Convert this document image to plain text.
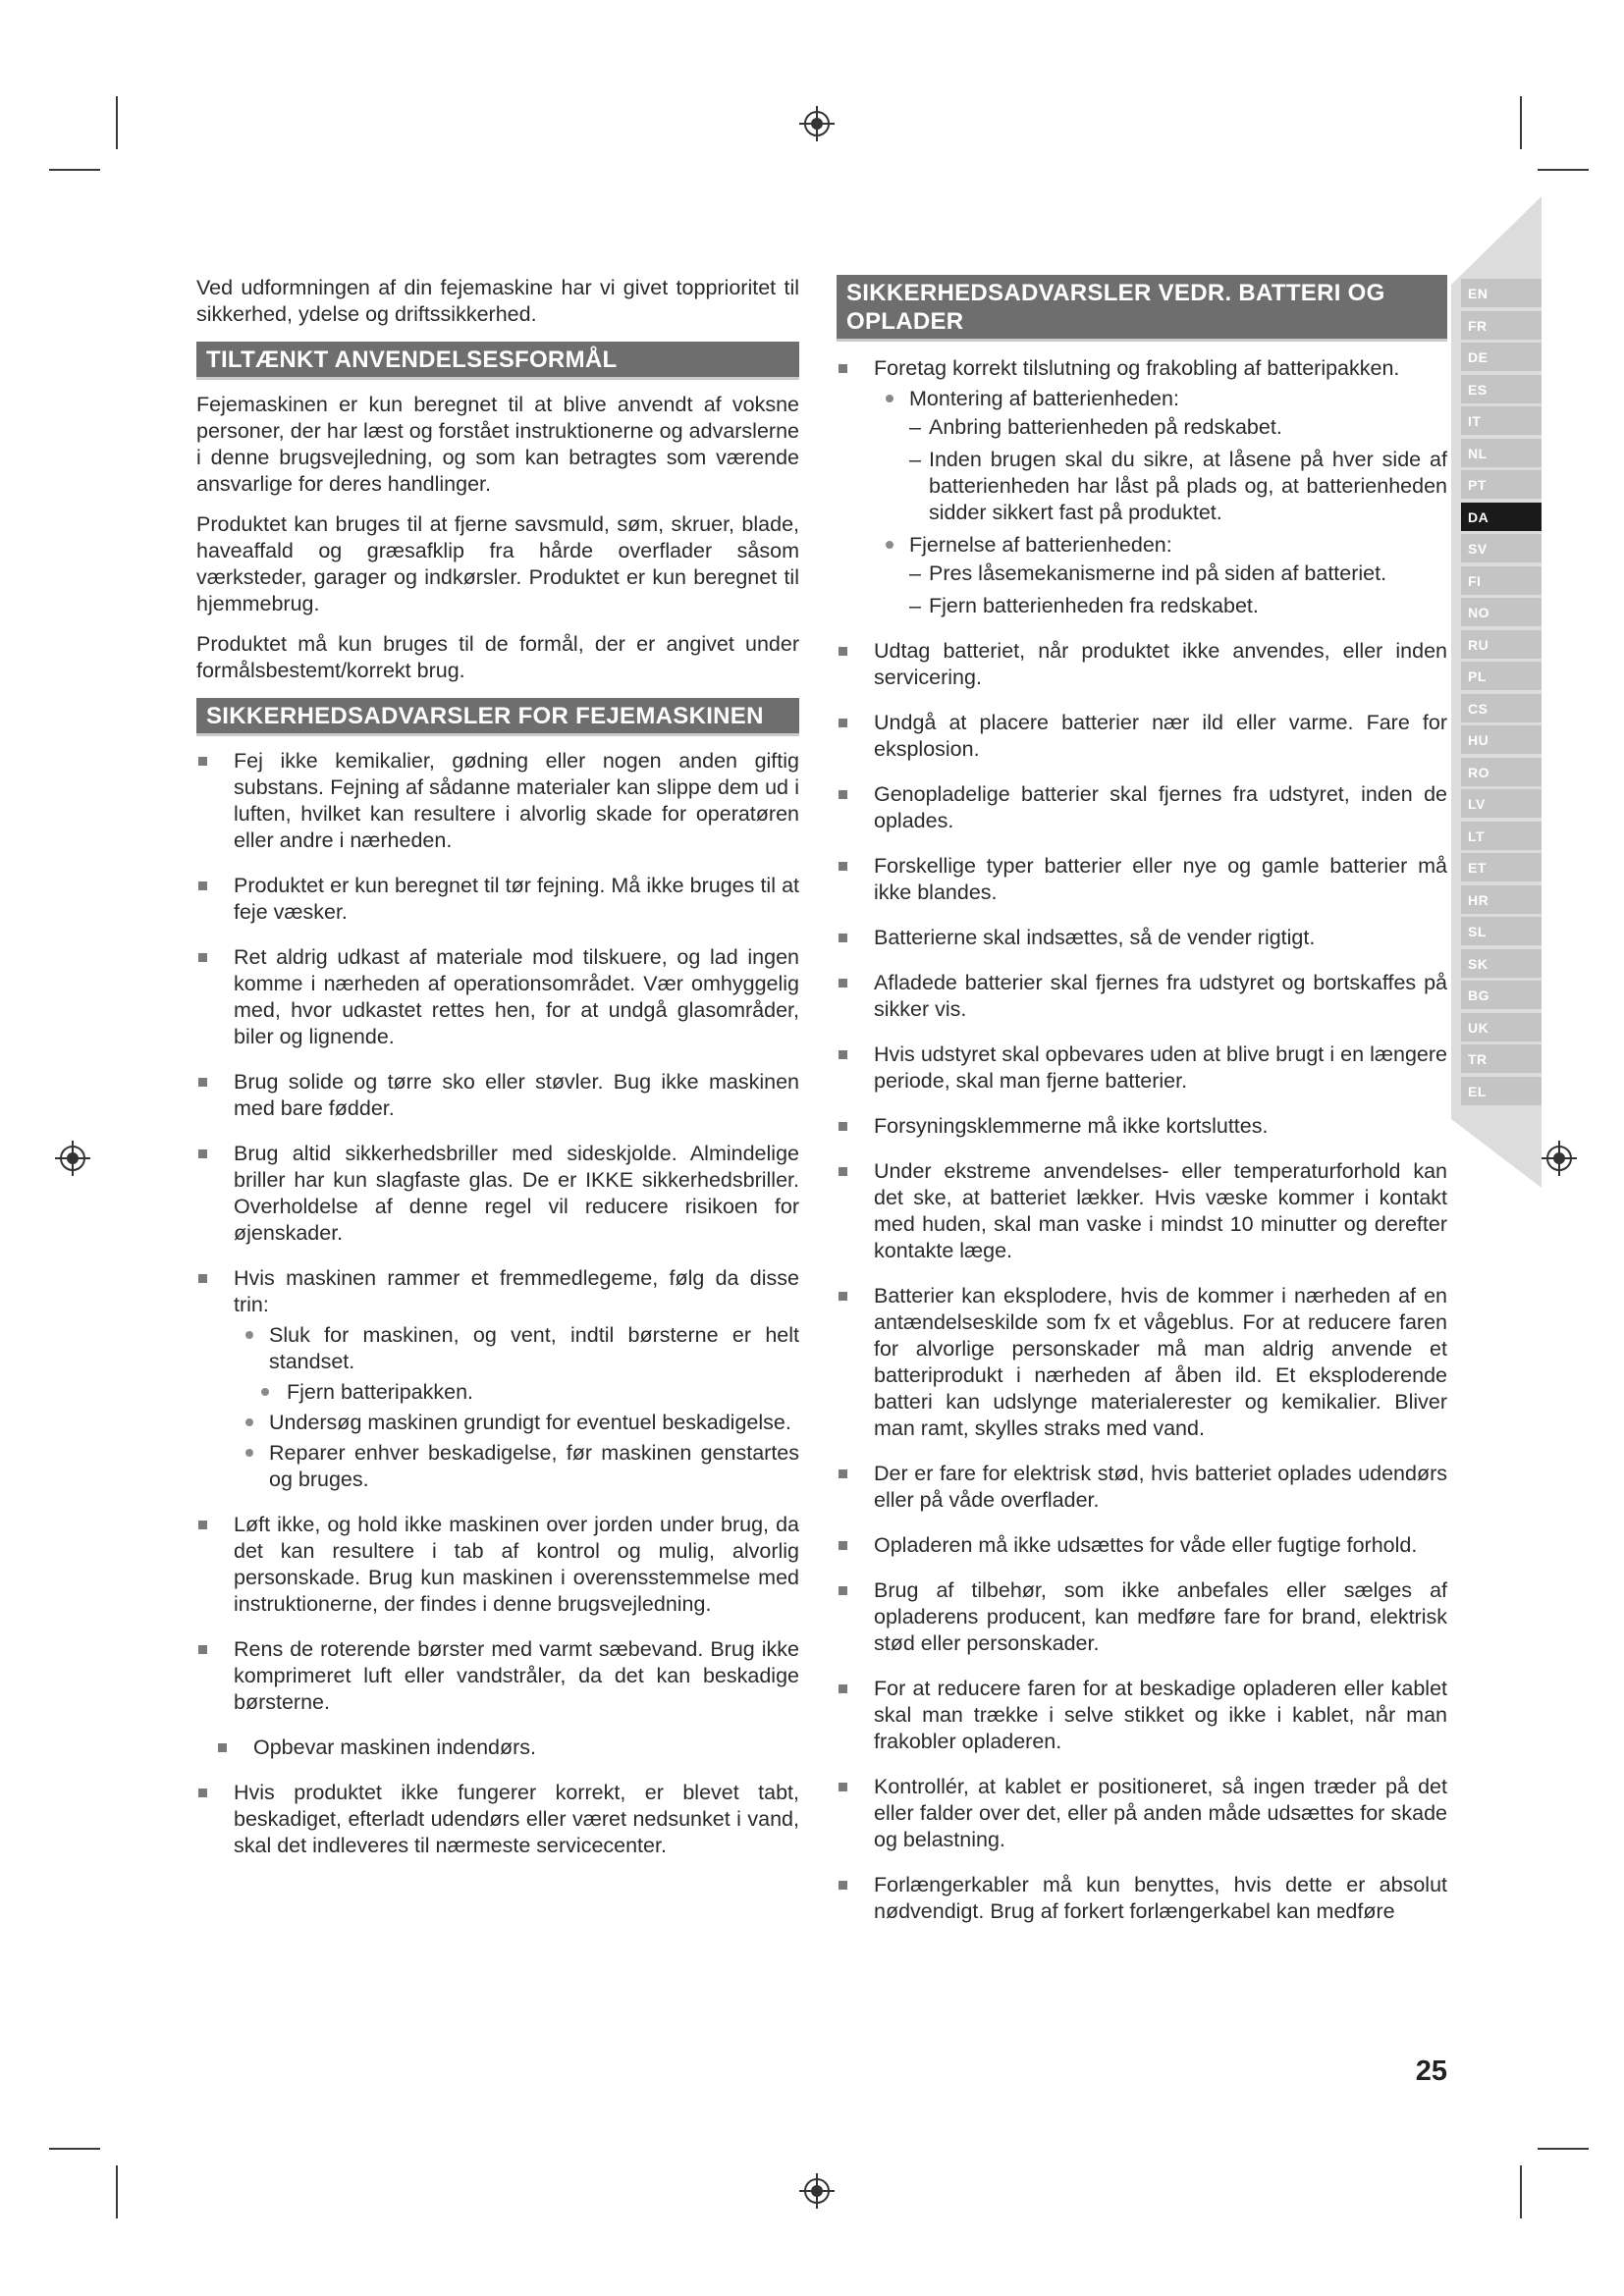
Ved udformningen af din fejemaskine har vi givet topprioritet til sikkerhed, ydelse og driftssikkerhed.

TILTÆNKT ANVENDELSESFORMÅL

Fejemaskinen er kun beregnet til at blive anvendt af voksne personer, der har læst og forstået instruktionerne og advarslerne i denne brugsvejledning, og som kan betragtes som værende ansvarlige for deres handlinger.

Produktet kan bruges til at fjerne savsmuld, søm, skruer, blade, haveaffald og græsafklip fra hårde overflader såsom værksteder, garager og indkørsler. Produktet er kun beregnet til hjemmebrug.

Produktet må kun bruges til de formål, der er angivet under formålsbestemt/korrekt brug.

SIKKERHEDSADVARSLER FOR FEJEMASKINEN
Fej ikke kemikalier, gødning eller nogen anden giftig substans. Fejning af sådanne materialer kan slippe dem ud i luften, hvilket kan resultere i alvorlig skade for operatøren eller andre i nærheden.
Produktet er kun beregnet til tør fejning. Må ikke bruges til at feje væsker.
Ret aldrig udkast af materiale mod tilskuere, og lad ingen komme i nærheden af operationsområdet. Vær omhyggelig med, hvor udkastet rettes hen, for at undgå glasområder, biler og lignende.
Brug solide og tørre sko eller støvler. Bug ikke maskinen med bare fødder.
Brug altid sikkerhedsbriller med sideskjolde. Almindelige briller har kun slagfaste glas. De er IKKE sikkerhedsbriller. Overholdelse af denne regel vil reducere risikoen for øjenskader.
Hvis maskinen rammer et fremmedlegeme, følg da disse trin:
Sluk for maskinen, og vent, indtil børsterne er helt standset.
Fjern batteripakken.
Undersøg maskinen grundigt for eventuel beskadigelse.
Reparer enhver beskadigelse, før maskinen genstartes og bruges.
Løft ikke, og hold ikke maskinen over jorden under brug, da det kan resultere i tab af kontrol og mulig, alvorlig personskade. Brug kun maskinen i overensstemmelse med instruktionerne, der findes i denne brugsvejledning.
Rens de roterende børster med varmt sæbevand. Brug ikke komprimeret luft eller vandstråler, da det kan beskadige børsterne.
Opbevar maskinen indendørs.
Hvis produktet ikke fungerer korrekt, er blevet tabt, beskadiget, efterladt udendørs eller været nedsunket i vand, skal det indleveres til nærmeste servicecenter.
SIKKERHEDSADVARSLER VEDR. BATTERI OG OPLADER
Foretag korrekt tilslutning og frakobling af batteripakken.
Montering af batterienheden:
– Anbring batterienheden på redskabet.
– Inden brugen skal du sikre, at låsene på hver side af batterienheden har låst på plads og, at batterienheden sidder sikkert fast på produktet.
Fjernelse af batterienheden:
– Pres låsemekanismerne ind på siden af batteriet.
– Fjern batterienheden fra redskabet.
Udtag batteriet, når produktet ikke anvendes, eller inden servicering.
Undgå at placere batterier nær ild eller varme. Fare for eksplosion.
Genopladelige batterier skal fjernes fra udstyret, inden de oplades.
Forskellige typer batterier eller nye og gamle batterier må ikke blandes.
Batterierne skal indsættes, så de vender rigtigt.
Afladede batterier skal fjernes fra udstyret og bortskaffes på sikker vis.
Hvis udstyret skal opbevares uden at blive brugt i en længere periode, skal man fjerne batterier.
Forsyningsklemmerne må ikke kortsluttes.
Under ekstreme anvendelses- eller temperaturforhold kan det ske, at batteriet lækker. Hvis væske kommer i kontakt med huden, skal man vaske i mindst 10 minutter og derefter kontakte læge.
Batterier kan eksplodere, hvis de kommer i nærheden af en antændelseskilde som fx et vågeblus. For at reducere faren for alvorlige personskader må man aldrig anvende et batteriprodukt i nærheden af åben ild. Et eksploderende batteri kan udslynge materialerester og kemikalier. Bliver man ramt, skylles straks med vand.
Der er fare for elektrisk stød, hvis batteriet oplades udendørs eller på våde overflader.
Opladeren må ikke udsættes for våde eller fugtige forhold.
Brug af tilbehør, som ikke anbefales eller sælges af opladerens producent, kan medføre fare for brand, elektrisk stød eller personskader.
For at reducere faren for at beskadige opladeren eller kablet skal man trække i selve stikket og ikke i kablet, når man frakobler opladeren.
Kontrollér, at kablet er positioneret, så ingen træder på det eller falder over det, eller på anden måde udsættes for skade og belastning.
Forlængerkabler må kun benyttes, hvis dette er absolut nødvendigt. Brug af forkert forlængerkabel kan medføre
EN
FR
DE
ES
IT
NL
PT
DA
SV
FI
NO
RU
PL
CS
HU
RO
LV
LT
ET
HR
SL
SK
BG
UK
TR
EL
25
